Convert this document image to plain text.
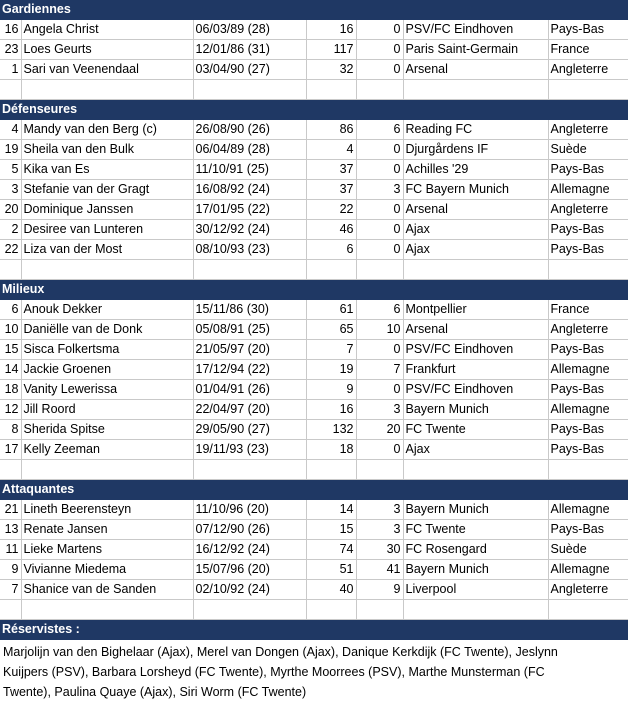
Gardiennes						
16	Angela Christ	06/03/89 (28)	16	0	PSV/FC Eindhoven	Pays-Bas
23	Loes Geurts	12/01/86 (31)	117	0	Paris Saint-Germain	France
1	Sari van Veenendaal	03/04/90 (27)	32	0	Arsenal	Angleterre

Défenseures						
4	Mandy van den Berg (c)	26/08/90 (26)	86	6	Reading FC	Angleterre
19	Sheila van den Bulk	06/04/89 (28)	4	0	Djurgårdens IF	Suède
5	Kika van Es	11/10/91 (25)	37	0	Achilles '29	Pays-Bas
3	Stefanie van der Gragt	16/08/92 (24)	37	3	FC Bayern Munich	Allemagne
20	Dominique Janssen	17/01/95 (22)	22	0	Arsenal	Angleterre
2	Desiree van Lunteren	30/12/92 (24)	46	0	Ajax	Pays-Bas
22	Liza van der Most	08/10/93 (23)	6	0	Ajax	Pays-Bas

Milieux						
6	Anouk Dekker	15/11/86 (30)	61	6	Montpellier	France
10	Daniëlle van de Donk	05/08/91 (25)	65	10	Arsenal	Angleterre
15	Sisca Folkertsma	21/05/97 (20)	7	0	PSV/FC Eindhoven	Pays-Bas
14	Jackie Groenen	17/12/94 (22)	19	7	Frankfurt	Allemagne
18	Vanity Lewerissa	01/04/91 (26)	9	0	PSV/FC Eindhoven	Pays-Bas
12	Jill Roord	22/04/97 (20)	16	3	Bayern Munich	Allemagne
8	Sherida Spitse	29/05/90 (27)	132	20	FC Twente	Pays-Bas
17	Kelly Zeeman	19/11/93 (23)	18	0	Ajax	Pays-Bas

Attaquantes						
21	Lineth Beerensteyn	11/10/96 (20)	14	3	Bayern Munich	Allemagne
13	Renate Jansen	07/12/90 (26)	15	3	FC Twente	Pays-Bas
11	Lieke Martens	16/12/92 (24)	74	30	FC Rosengard	Suède
9	Vivianne Miedema	15/07/96 (20)	51	41	Bayern Munich	Allemagne
7	Shanice van de Sanden	02/10/92 (24)	40	9	Liverpool	Angleterre

Réservistes :						
Marjolijn van den Bighelaar (Ajax), Merel van Dongen (Ajax), Danique Kerkdijk (FC Twente), Jeslynn Kuijpers (PSV), Barbara Lorsheyd (FC Twente), Myrthe Moorrees (PSV), Marthe Munsterman (FC Twente), Paulina Quaye (Ajax), Siri Worm (FC Twente)
